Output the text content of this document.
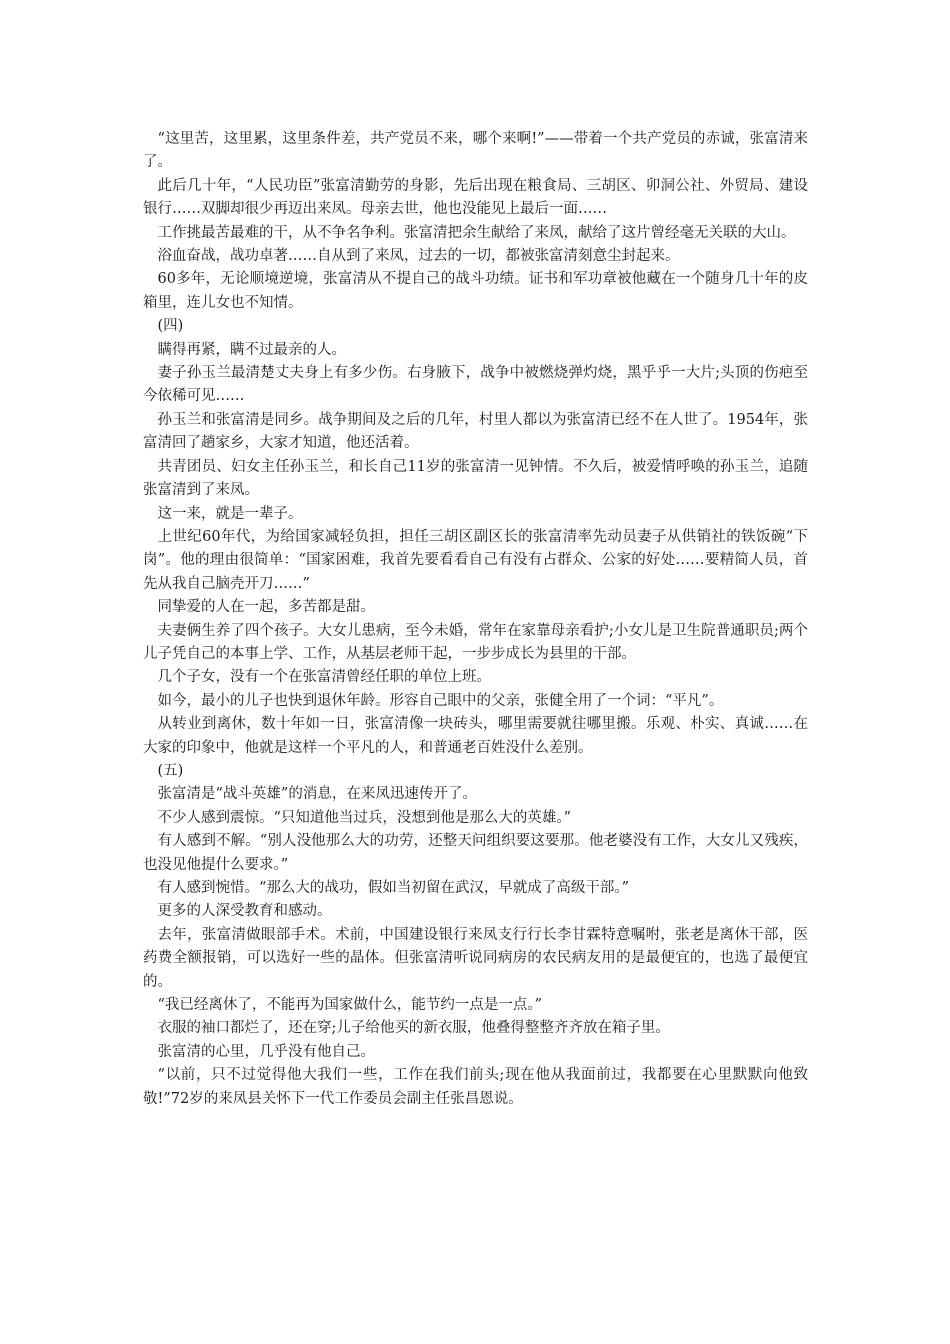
“这里苦，这里累，这里条件差，共产党员不来，哪个来啊!”——带着一个共产党员的赤诚，张富清来了。

此后几十年，“人民功臣”张富清勤劳的身影，先后出现在粮食局、三胡区、卯洞公社、外贸局、建设银行……双脚却很少再迈出来凤。母亲去世，他也没能见上最后一面……

工作挑最苦最难的干，从不争名争利。张富清把余生献给了来凤，献给了这片曾经毫无关联的大山。

浴血奋战，战功卓著……自从到了来凤，过去的一切，都被张富清刻意尘封起来。

60多年，无论顺境逆境，张富清从不提自己的战斗功绩。证书和军功章被他藏在一个随身几十年的皮箱里，连儿女也不知情。

(四)

瞒得再紧，瞒不过最亲的人。

妻子孙玉兰最清楚丈夫身上有多少伤。右身腋下，战争中被燃烧弹灼烧，黑乎乎一大片;头顶的伤疤至今依稀可见……

孙玉兰和张富清是同乡。战争期间及之后的几年，村里人都以为张富清已经不在人世了。1954年，张富清回了趟家乡，大家才知道，他还活着。

共青团员、妇女主任孙玉兰，和长自己11岁的张富清一见钟情。不久后，被爱情呼唤的孙玉兰，追随张富清到了来凤。

这一来，就是一辈子。

上世纪60年代，为给国家减轻负担，担任三胡区副区长的张富清率先动员妻子从供销社的铁饭碗“下岗”。他的理由很简单：“国家困难，我首先要看看自己有没有占群众、公家的好处……要精简人员，首先从我自己脑壳开刀……”

同挚爱的人在一起，多苦都是甜。

夫妻俩生养了四个孩子。大女儿患病，至今未婚，常年在家靠母亲看护;小女儿是卫生院普通职员;两个儿子凭自己的本事上学、工作，从基层老师干起，一步步成长为县里的干部。

几个子女，没有一个在张富清曾经任职的单位上班。

如今，最小的儿子也快到退休年龄。形容自己眼中的父亲，张健全用了一个词：“平凡”。

从转业到离休，数十年如一日，张富清像一块砖头，哪里需要就往哪里搬。乐观、朴实、真诚……在大家的印象中，他就是这样一个平凡的人，和普通老百姓没什么差别。

(五)

张富清是“战斗英雄”的消息，在来凤迅速传开了。

不少人感到震惊。“只知道他当过兵，没想到他是那么大的英雄。”

有人感到不解。“别人没他那么大的功劳，还整天问组织要这要那。他老婆没有工作，大女儿又残疾，也没见他提什么要求。”

有人感到惋惜。“那么大的战功，假如当初留在武汉，早就成了高级干部。”

更多的人深受教育和感动。

去年，张富清做眼部手术。术前，中国建设银行来凤支行行长李甘霖特意嘱咐，张老是离休干部，医药费全额报销，可以选好一些的晶体。但张富清听说同病房的农民病友用的是最便宜的，也选了最便宜的。

“我已经离休了，不能再为国家做什么，能节约一点是一点。”

衣服的袖口都烂了，还在穿;儿子给他买的新衣服，他叠得整整齐齐放在箱子里。

张富清的心里，几乎没有他自己。

“以前，只不过觉得他大我们一些，工作在我们前头;现在他从我面前过，我都要在心里默默向他致敬!”72岁的来凤县关怀下一代工作委员会副主任张昌恩说。
